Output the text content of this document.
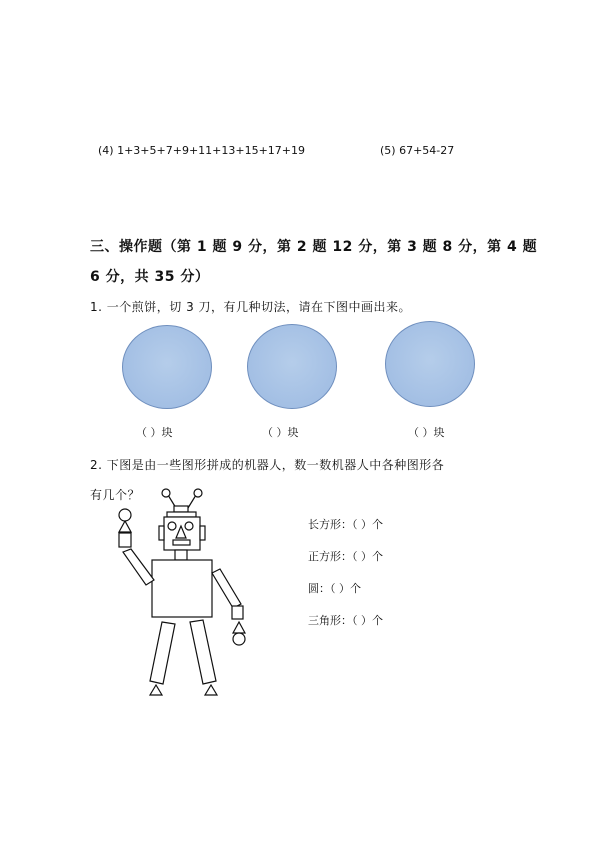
(4) 1+3+5+7+9+11+13+15+17+19	(5) 67+54-27
三、操作题（第 1 题 9 分，第 2 题 12 分，第 3 题 8 分，第 4 题
6 分，共 35 分）
1. 一个煎饼，切 3 刀，有几种切法，请在下图中画出来。
（ ）块	（ ）块	（ ）块
2. 下图是由一些图形拼成的机器人，数一数机器人中各种图形各
有几个？
长方形：（ ）个
正方形：（ ）个
圆：（ ）个
三角形：（ ）个
